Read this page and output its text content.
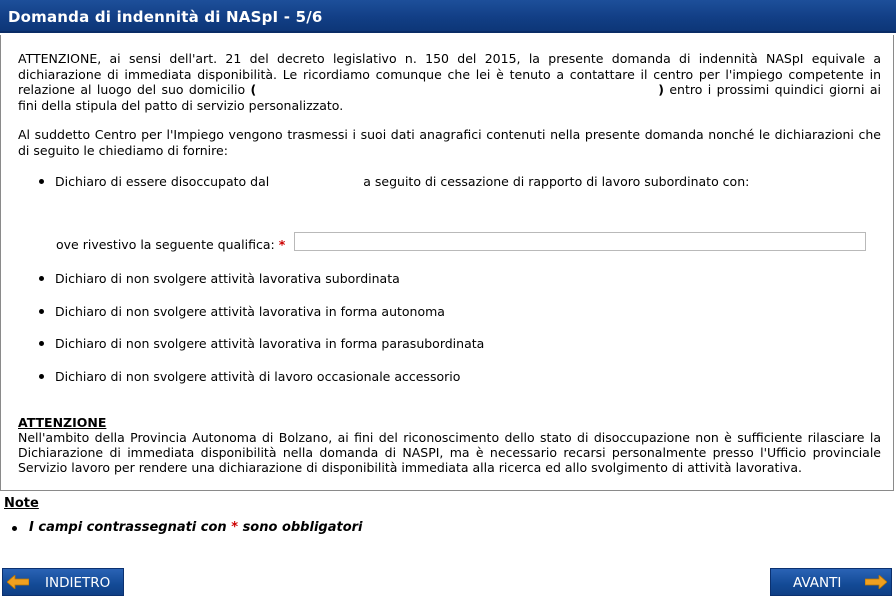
Domanda di indennità di NASpI - 5/6
ATTENZIONE, ai sensi dell'art. 21 del decreto legislativo n. 150 del 2015, la presente domanda di indennità NASpI equivale a dichiarazione di immediata disponibilità. Le ricordiamo comunque che lei è tenuto a contattare il centro per l'impiego competente in relazione al luogo del suo domicilio (	) entro i prossimi quindici giorni ai fini della stipula del patto di servizio personalizzato.
Al suddetto Centro per l'Impiego vengono trasmessi i suoi dati anagrafici contenuti nella presente domanda nonché le dichiarazioni che di seguito le chiediamo di fornire:
Dichiaro di essere disoccupato dal	a seguito di cessazione di rapporto di lavoro subordinato con:
ove rivestivo la seguente qualifica: *
Dichiaro di non svolgere attività lavorativa subordinata
Dichiaro di non svolgere attività lavorativa in forma autonoma
Dichiaro di non svolgere attività lavorativa in forma parasubordinata
Dichiaro di non svolgere attività di lavoro occasionale accessorio
ATTENZIONE
Nell'ambito della Provincia Autonoma di Bolzano, ai fini del riconoscimento dello stato di disoccupazione non è sufficiente rilasciare la Dichiarazione di immediata disponibilità nella domanda di NASPI, ma è necessario recarsi personalmente presso l'Ufficio provinciale Servizio lavoro per rendere una dichiarazione di disponibilità immediata alla ricerca ed allo svolgimento di attività lavorativa.
Note
I campi contrassegnati con * sono obbligatori
INDIETRO	AVANTI
